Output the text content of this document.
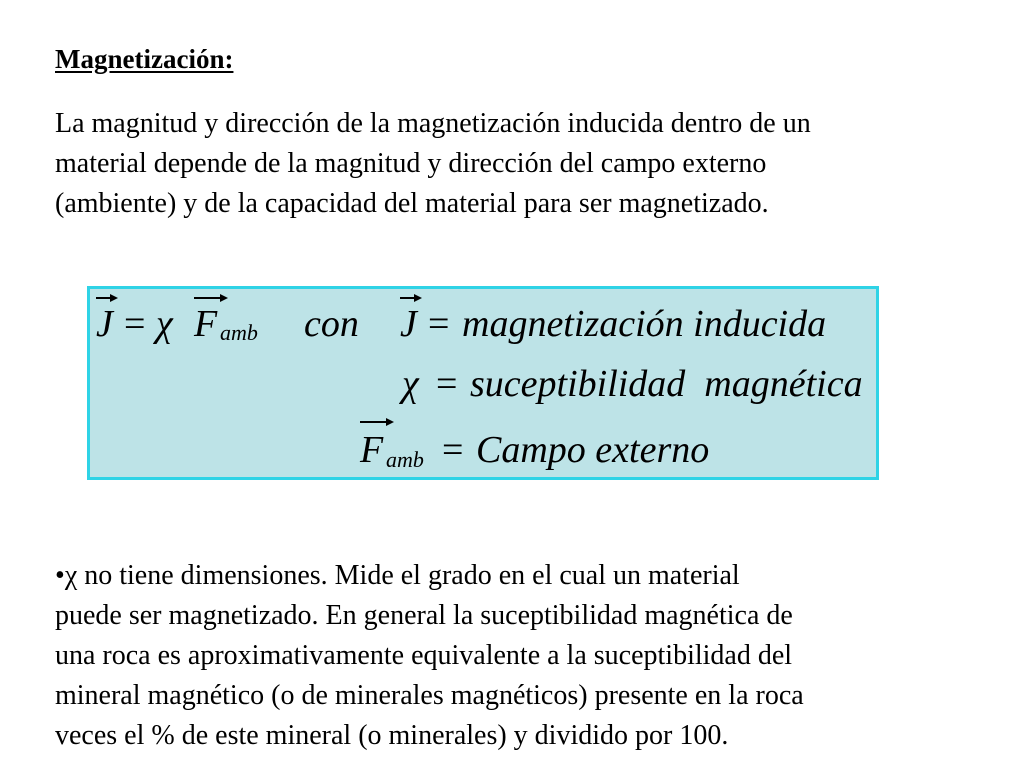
Magnetización:

La magnitud y dirección de la magnetización inducida dentro de un
material depende de la magnitud y dirección del campo externo
(ambiente) y de la capacidad del material para ser magnetizado.

J = χ F amb con J = magnetización inducida
χ = suceptibilidad  magnética
F amb = Campo externo

•χ no tiene dimensiones. Mide el grado en el cual un material
puede ser magnetizado. En general la suceptibilidad magnética de
una roca es aproximativamente equivalente a la suceptibilidad del
mineral magnético (o de minerales magnéticos) presente en la roca
veces el % de este mineral (o minerales) y dividido por 100.
